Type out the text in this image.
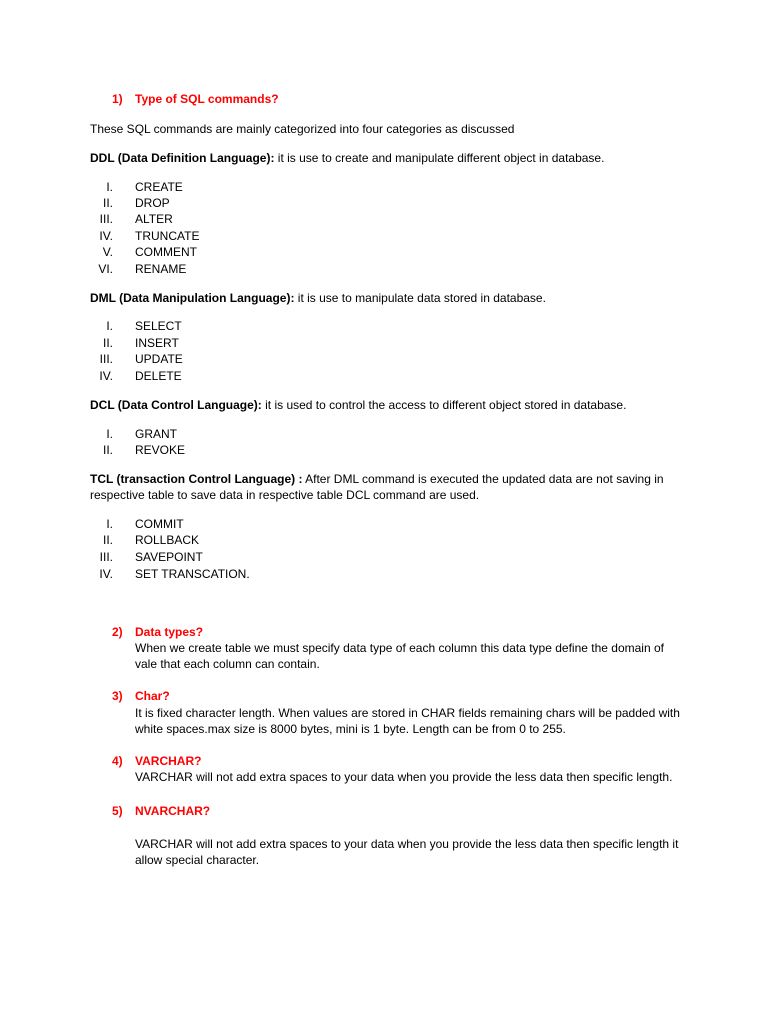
1) Type of SQL commands?
These SQL commands are mainly categorized into four categories as discussed
DDL (Data Definition Language): it is use to create and manipulate different object in database.
I. CREATE
II. DROP
III. ALTER
IV. TRUNCATE
V. COMMENT
VI. RENAME
DML (Data Manipulation Language): it is use to manipulate data stored in database.
I. SELECT
II. INSERT
III. UPDATE
IV. DELETE
DCL (Data Control Language): it is used to control the access to different object stored in database.
I. GRANT
II. REVOKE
TCL (transaction Control Language) : After DML command is executed the updated data are not saving in
respective table to save data in respective table DCL command are used.
I. COMMIT
II. ROLLBACK
III. SAVEPOINT
IV. SET TRANSCATION.
2) Data types?
When we create table we must specify data type of each column this data type define the domain of
vale that each column can contain.
3) Char?
It is fixed character length. When values are stored in CHAR fields remaining chars will be padded with
white spaces.max size is 8000 bytes, mini is 1 byte. Length can be from 0 to 255.
4) VARCHAR?
VARCHAR will not add extra spaces to your data when you provide the less data then specific length.
5) NVARCHAR?
VARCHAR will not add extra spaces to your data when you provide the less data then specific length it
allow special character.
